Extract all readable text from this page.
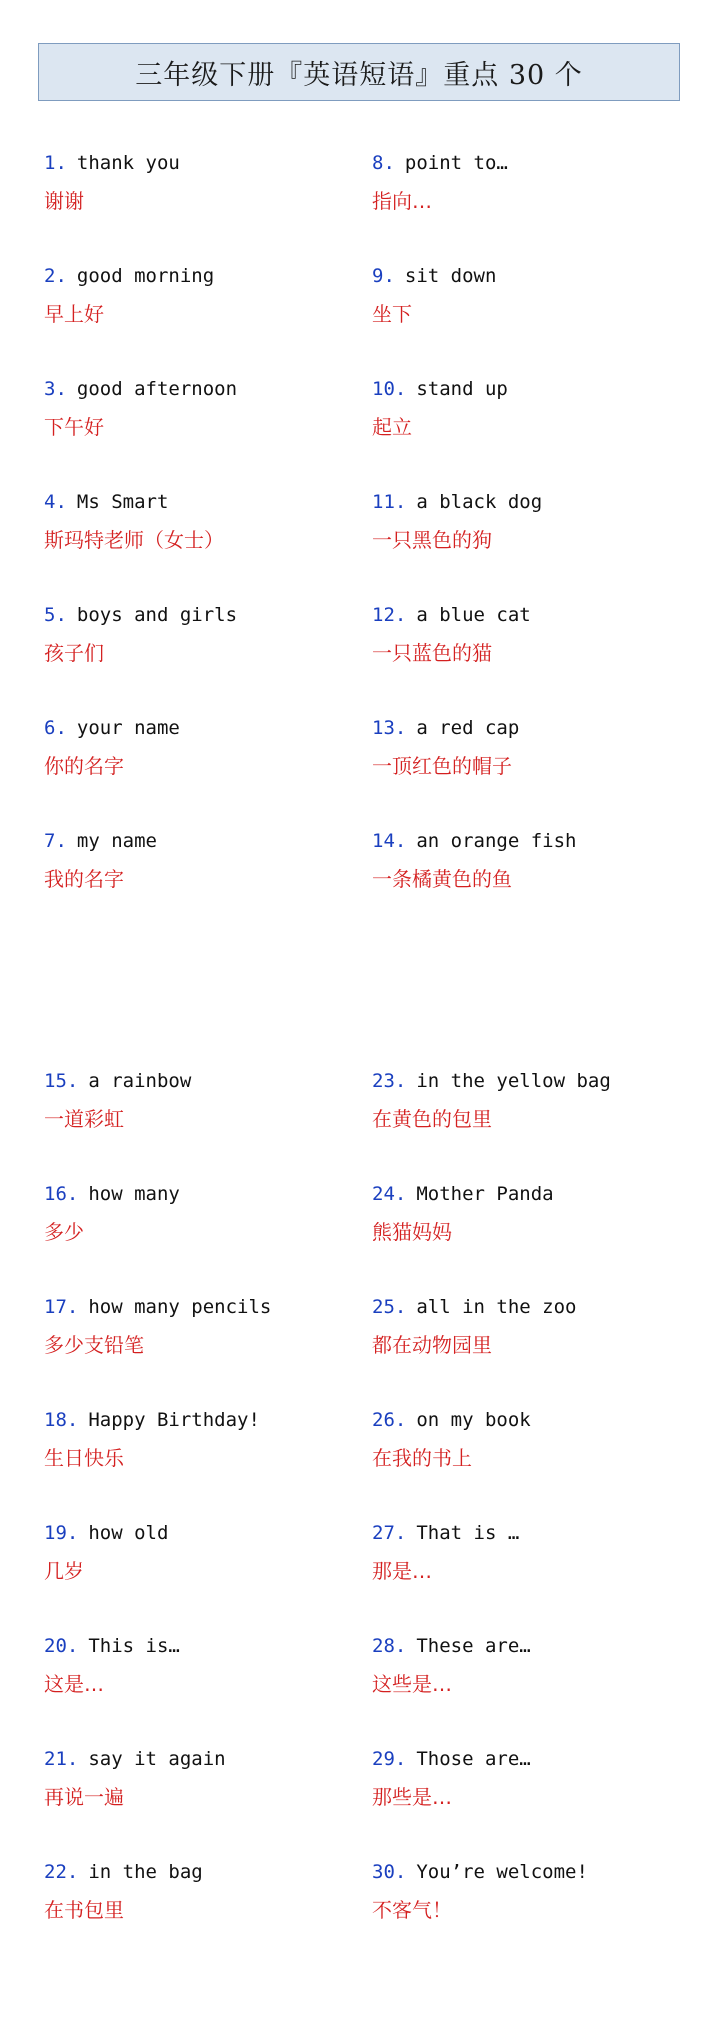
三年级下册『英语短语』重点 30 个
1. thank you
谢谢
2. good morning
早上好
3. good afternoon
下午好
4. Ms Smart
斯玛特老师（女士）
5. boys and girls
孩子们
6. your name
你的名字
7. my name
我的名字
15. a rainbow
一道彩虹
16. how many
多少
17. how many pencils
多少支铅笔
18. Happy Birthday!
生日快乐
19. how old
几岁
20. This is…
这是…
21. say it again
再说一遍
22. in the bag
在书包里
8. point to…
指向…
9. sit down
坐下
10. stand up
起立
11. a black dog
一只黑色的狗
12. a blue cat
一只蓝色的猫
13. a red cap
一顶红色的帽子
14. an orange fish
一条橘黄色的鱼
23. in the yellow bag
在黄色的包里
24. Mother Panda
熊猫妈妈
25. all in the zoo
都在动物园里
26. on my book
在我的书上
27. That is …
那是…
28. These are…
这些是…
29. Those are…
那些是…
30. You’re welcome!
不客气！
